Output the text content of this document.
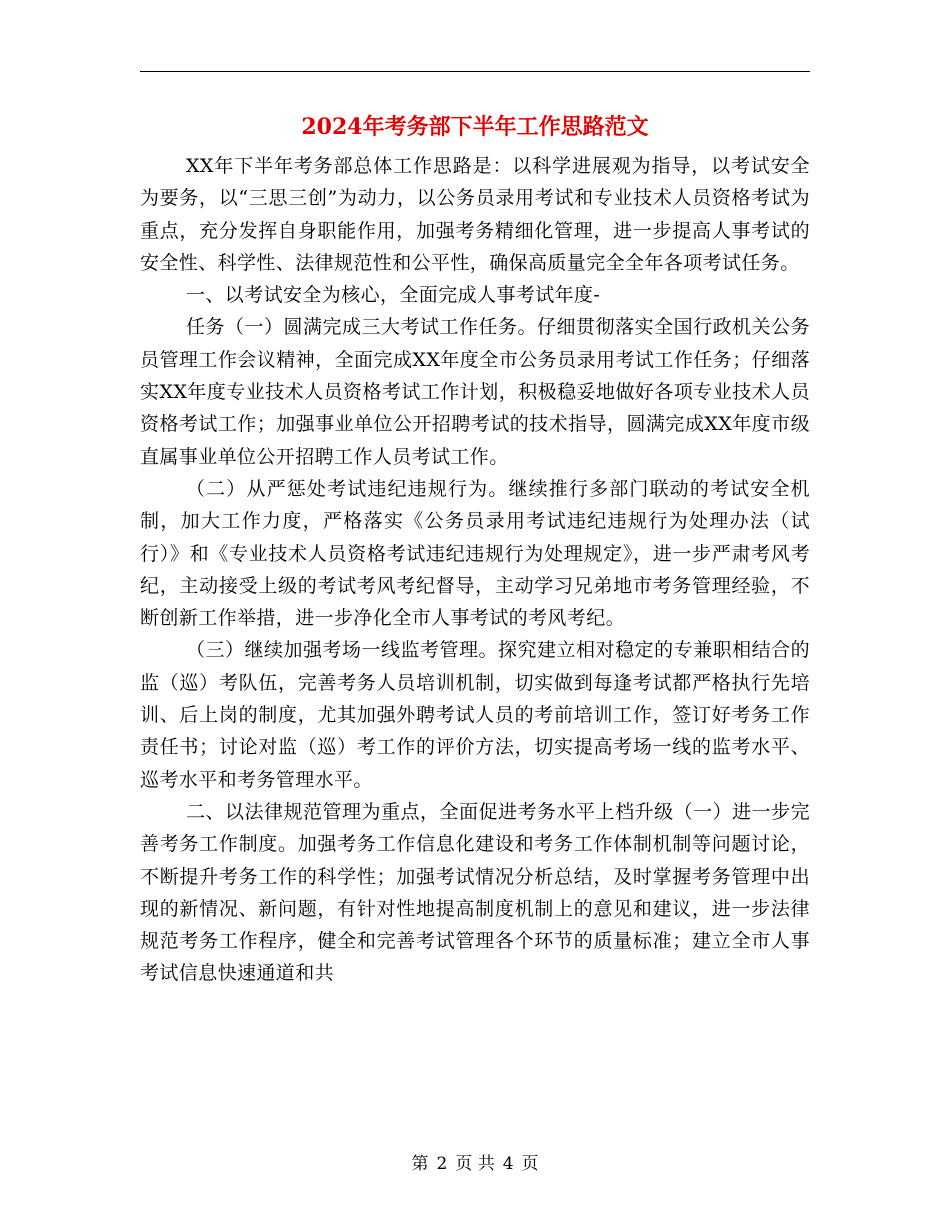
2024年考务部下半年工作思路范文

XX年下半年考务部总体工作思路是：以科学进展观为指导，以考试安全为要务，以“三思三创”为动力，以公务员录用考试和专业技术人员资格考试为重点，充分发挥自身职能作用，加强考务精细化管理，进一步提高人事考试的安全性、科学性、法律规范性和公平性，确保高质量完全全年各项考试任务。

一、以考试安全为核心，全面完成人事考试年度-

任务（一）圆满完成三大考试工作任务。仔细贯彻落实全国行政机关公务员管理工作会议精神，全面完成XX年度全市公务员录用考试工作任务；仔细落实XX年度专业技术人员资格考试工作计划，积极稳妥地做好各项专业技术人员资格考试工作；加强事业单位公开招聘考试的技术指导，圆满完成XX年度市级直属事业单位公开招聘工作人员考试工作。

（二）从严惩处考试违纪违规行为。继续推行多部门联动的考试安全机制，加大工作力度，严格落实《公务员录用考试违纪违规行为处理办法（试行）》和《专业技术人员资格考试违纪违规行为处理规定》，进一步严肃考风考纪，主动接受上级的考试考风考纪督导，主动学习兄弟地市考务管理经验，不断创新工作举措，进一步净化全市人事考试的考风考纪。

（三）继续加强考场一线监考管理。探究建立相对稳定的专兼职相结合的监（巡）考队伍，完善考务人员培训机制，切实做到每逢考试都严格执行先培训、后上岗的制度，尤其加强外聘考试人员的考前培训工作，签订好考务工作责任书；讨论对监（巡）考工作的评价方法，切实提高考场一线的监考水平、巡考水平和考务管理水平。

二、以法律规范管理为重点，全面促进考务水平上档升级（一）进一步完善考务工作制度。加强考务工作信息化建设和考务工作体制机制等问题讨论，不断提升考务工作的科学性；加强考试情况分析总结，及时掌握考务管理中出现的新情况、新问题，有针对性地提高制度机制上的意见和建议，进一步法律规范考务工作程序，健全和完善考试管理各个环节的质量标准；建立全市人事考试信息快速通道和共

第 2 页 共 4 页
